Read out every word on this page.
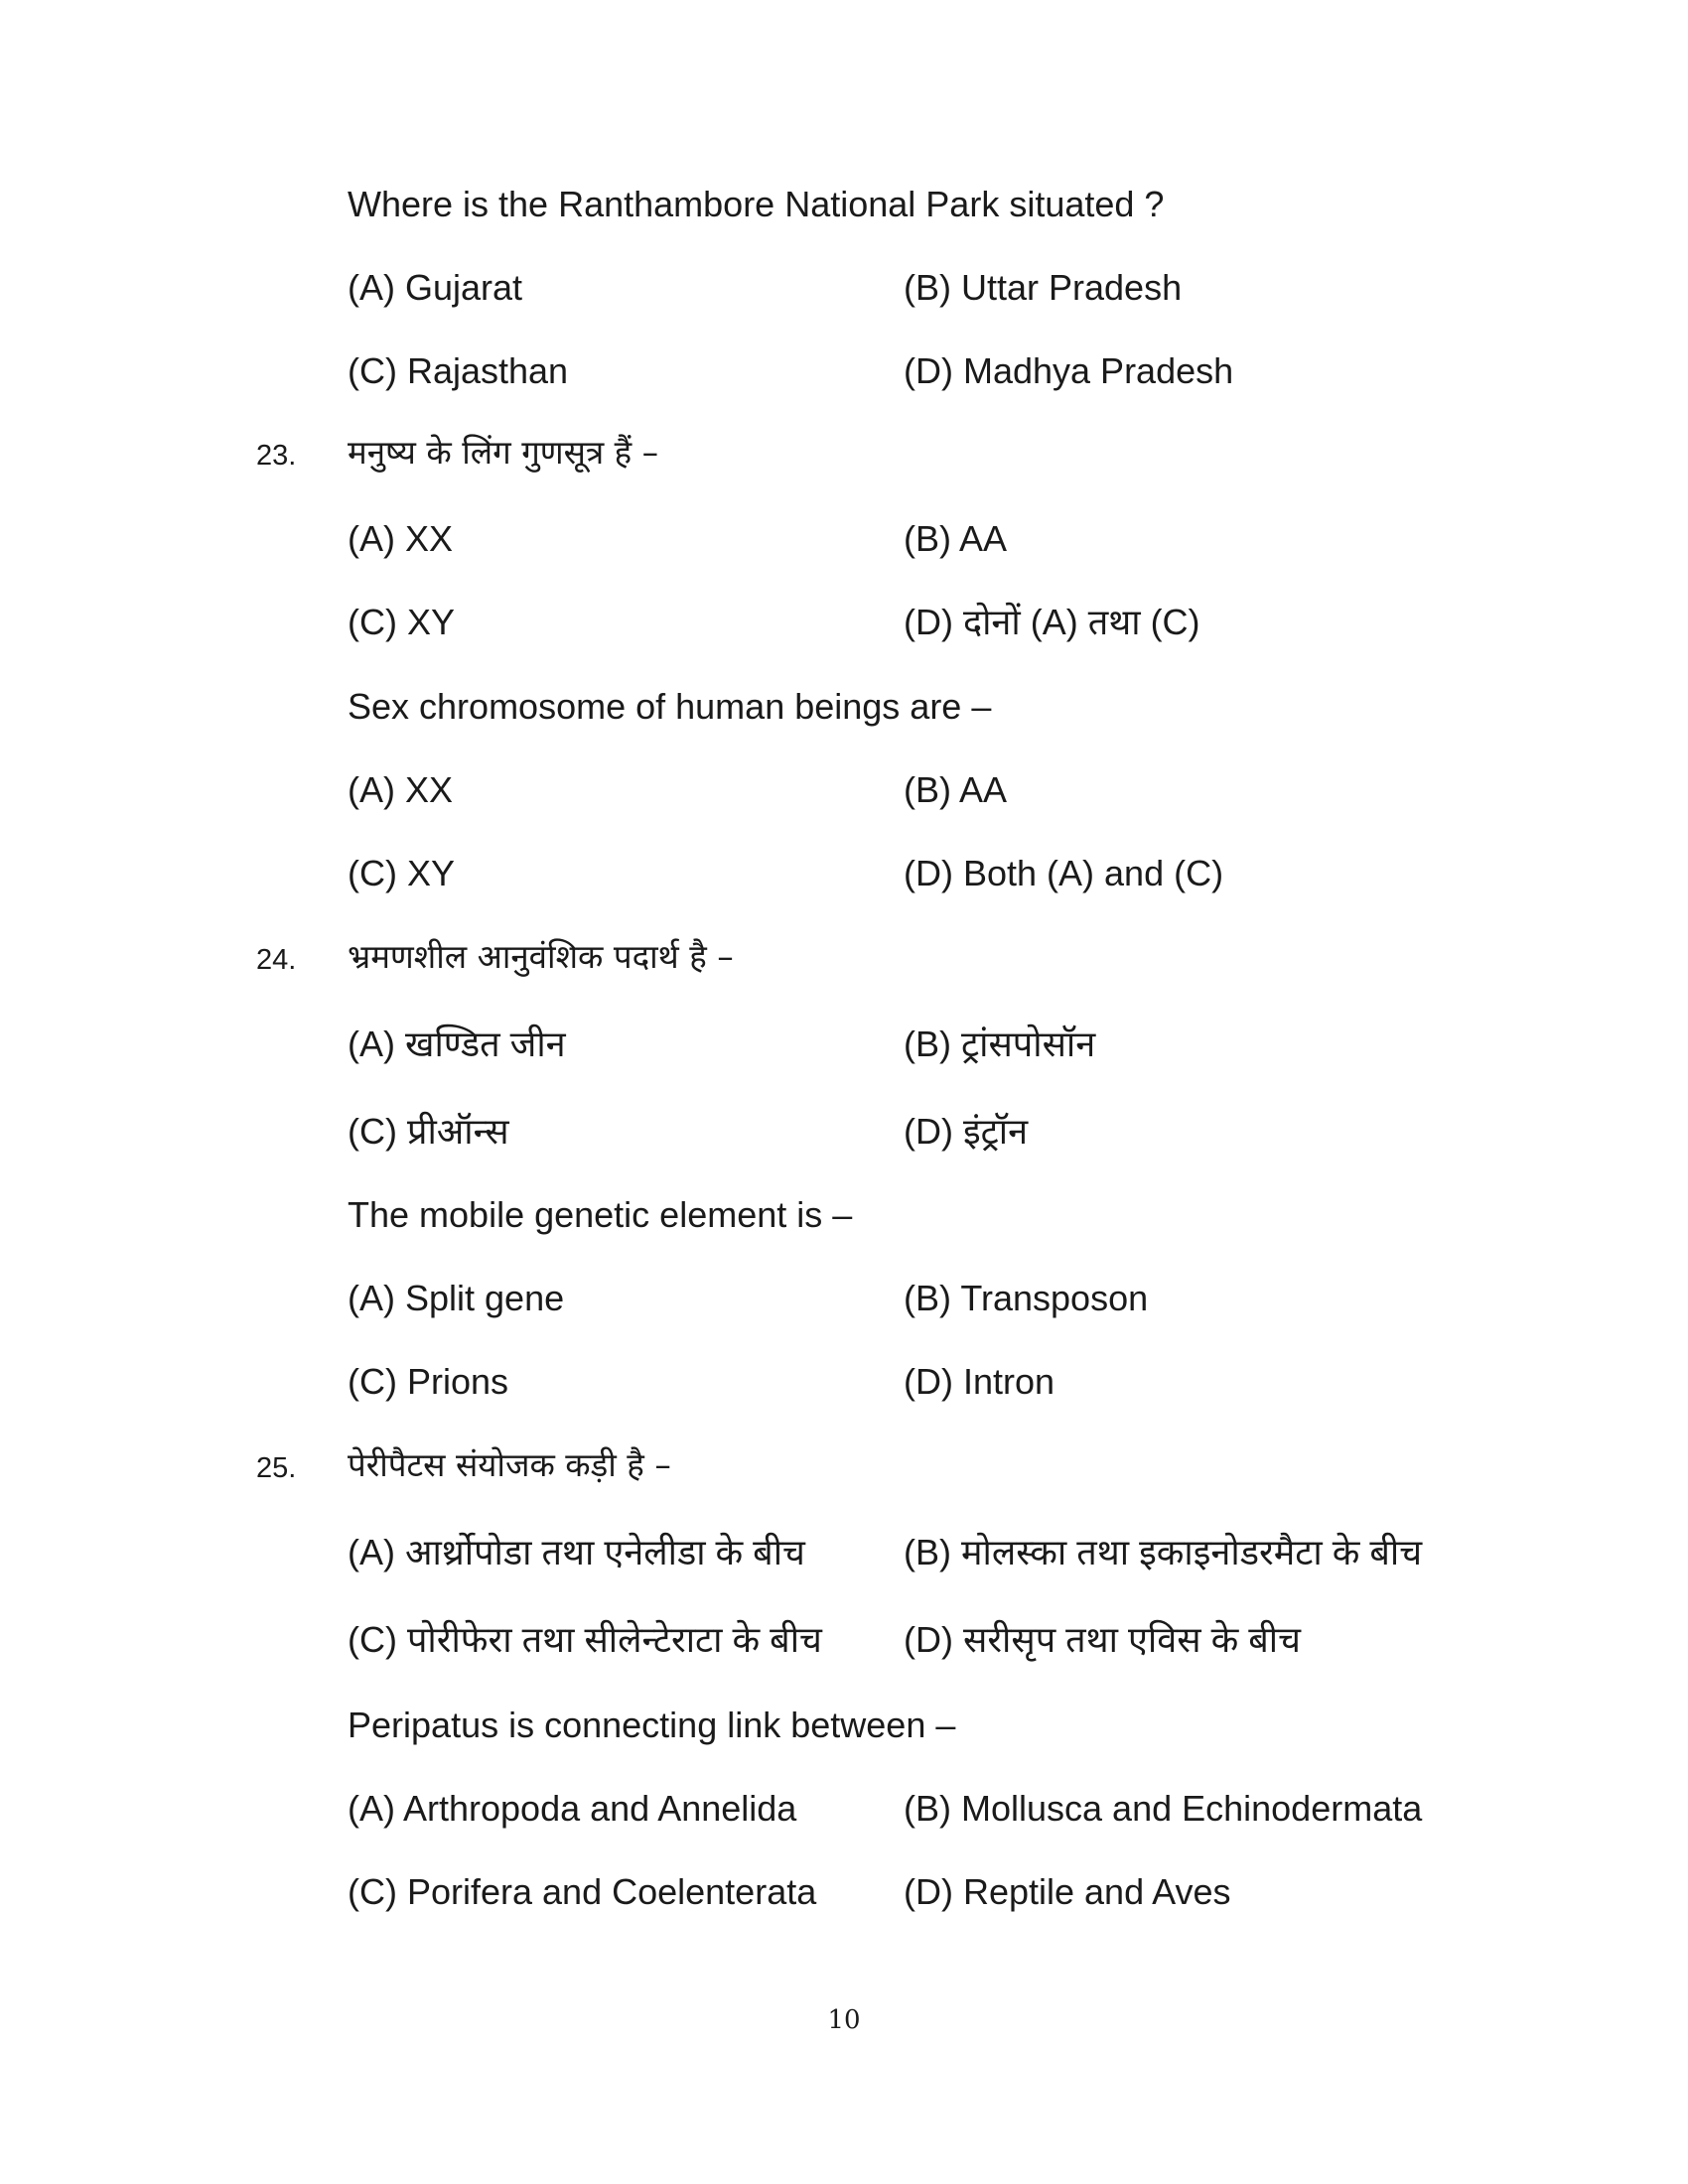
Where is the Ranthambore National Park situated ?
(A) Gujarat	(B) Uttar Pradesh
(C) Rajasthan	(D) Madhya Pradesh
23. मनुष्य के लिंग गुणसूत्र हैं –
(A) XX	(B) AA
(C) XY	(D) दोनों (A) तथा (C)
Sex chromosome of human beings are –
(A) XX	(B) AA
(C) XY	(D) Both (A) and (C)
24. भ्रमणशील आनुवंशिक पदार्थ है –
(A) खण्डित जीन	(B) ट्रांसपोसॉन
(C) प्रीऑन्स	(D) इंट्रॉन
The mobile genetic element is –
(A) Split gene	(B) Transposon
(C) Prions	(D) Intron
25. पेरीपैटस संयोजक कड़ी है –
(A) आर्थ्रोपोडा तथा एनेलीडा के बीच	(B) मोलस्का तथा इकाइनोडरमैटा के बीच
(C) पोरीफेरा तथा सीलेन्टेराटा के बीच (D) सरीसृप तथा एविस के बीच
Peripatus is connecting link between –
(A) Arthropoda and Annelida	(B) Mollusca and Echinodermata
(C) Porifera and Coelenterata (D) Reptile and Aves
10
